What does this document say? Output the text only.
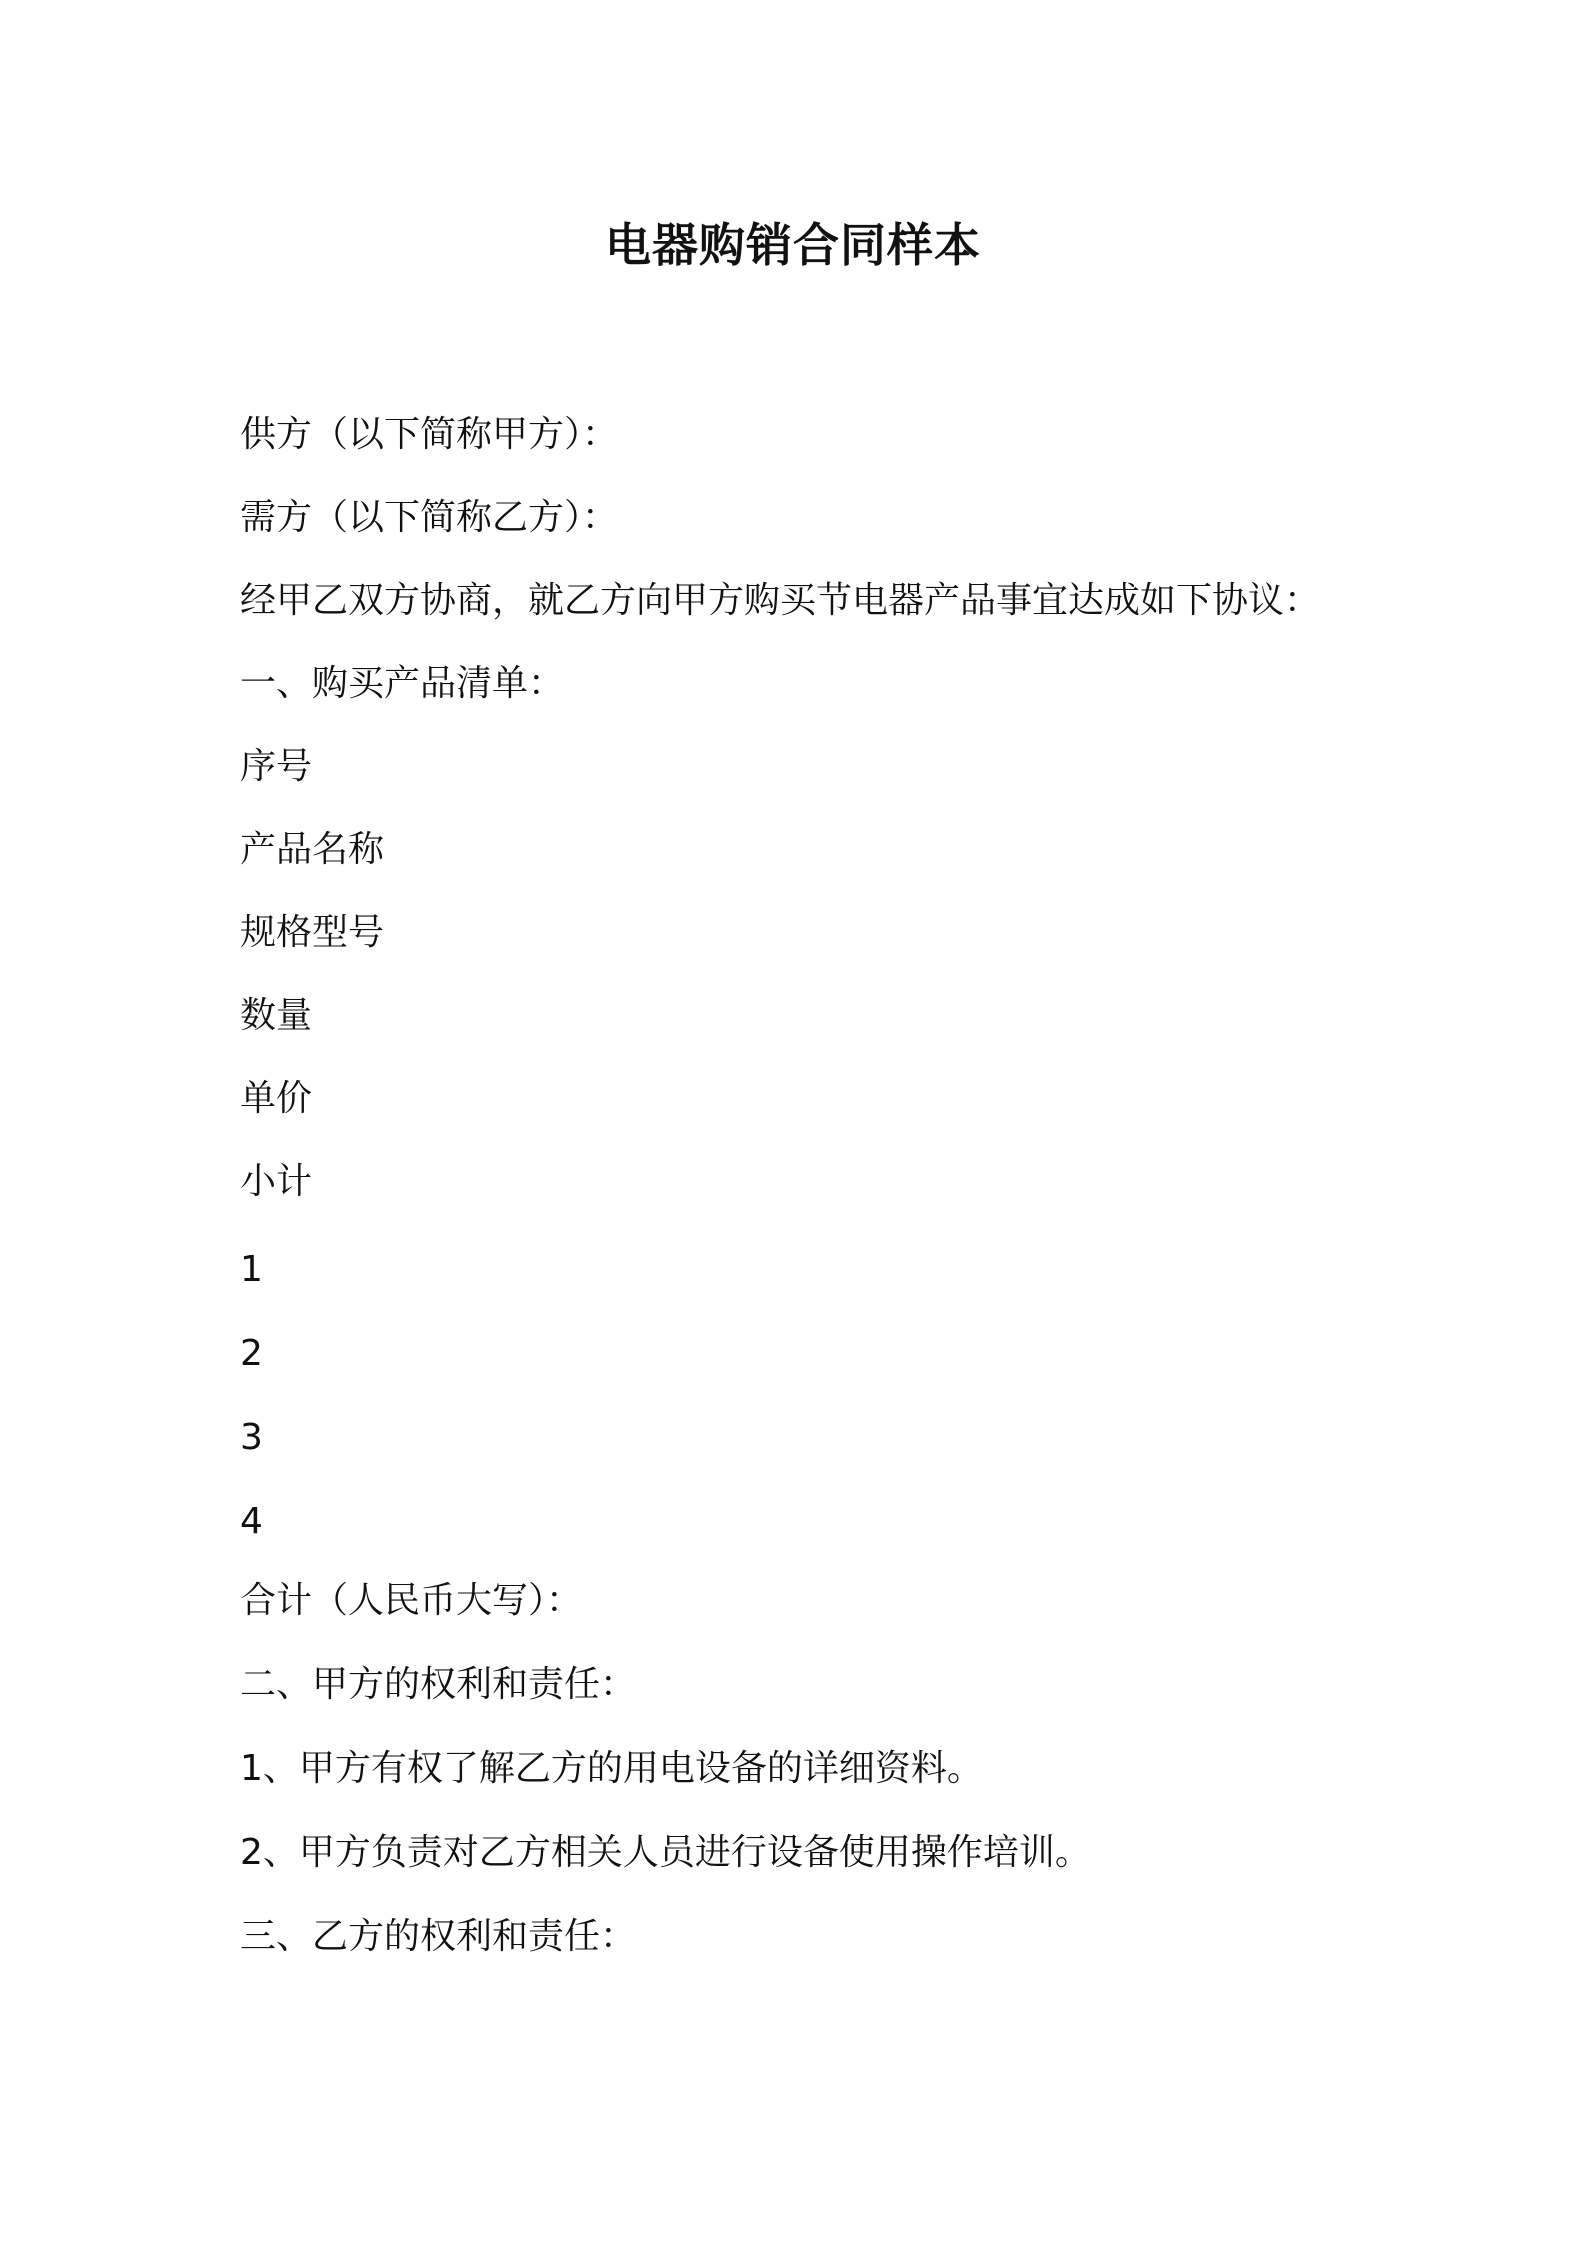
电器购销合同样本
供方（以下简称甲方）：
需方（以下简称乙方）：
经甲乙双方协商，就乙方向甲方购买节电器产品事宜达成如下协议：
一、购买产品清单：
序号
产品名称
规格型号
数量
单价
小计
1
2
3
4
合计（人民币大写）：
二、甲方的权利和责任：
1、甲方有权了解乙方的用电设备的详细资料。
2、甲方负责对乙方相关人员进行设备使用操作培训。
三、乙方的权利和责任：
